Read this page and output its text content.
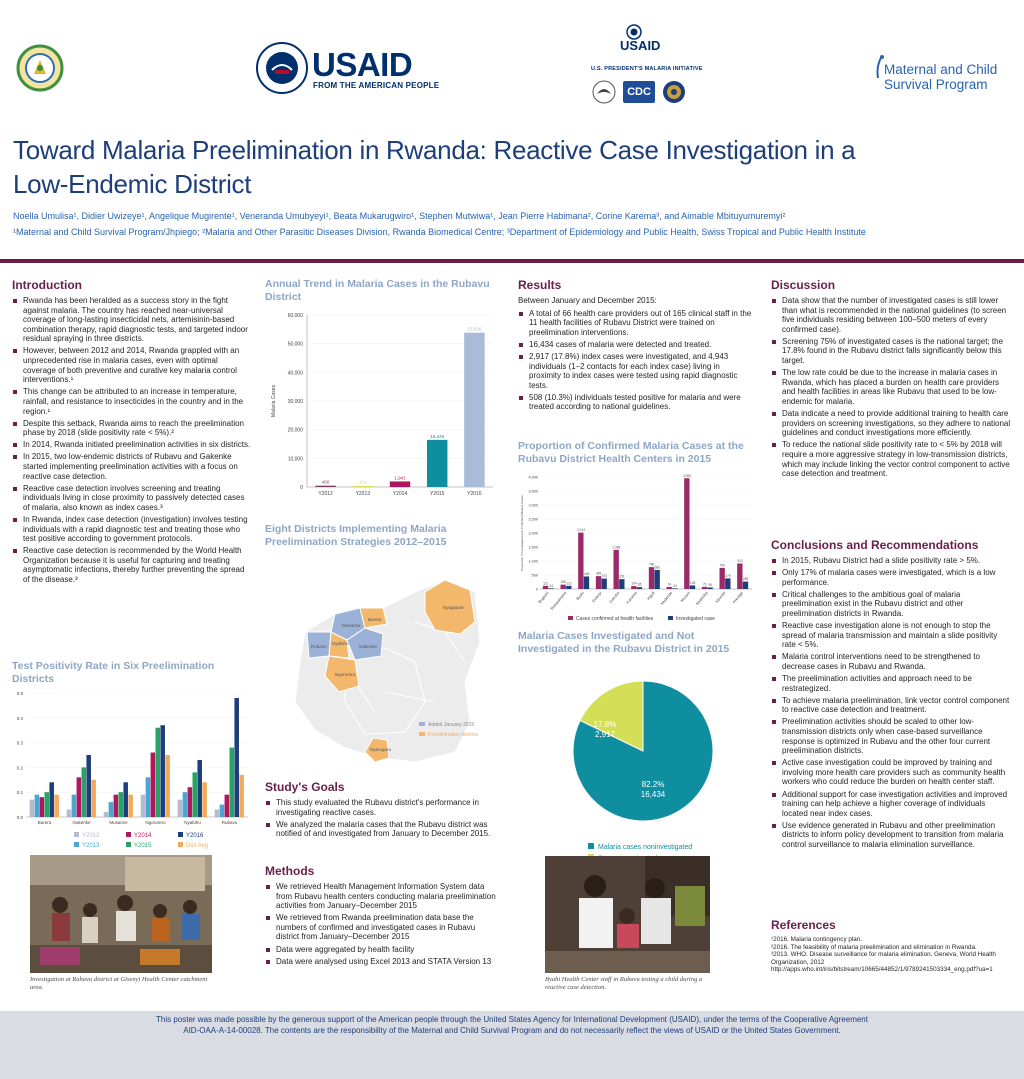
USAID
FROM THE AMERICAN PEOPLE
USAID
U.S. PRESIDENT'S MALARIA INITIATIVE
CDC
Maternal and Child
Survival Program
Toward Malaria Preelimination in Rwanda: Reactive Case Investigation in a
Low-Endemic District
Noella Umulisa¹, Didier Uwizeye¹, Angelique Mugirente¹, Veneranda Umubyeyi¹, Beata Mukarugwiro¹, Stephen Mutwiwa¹, Jean Pierre Habimana², Corine Karema³, and Aimable Mbituyumuremyi²
¹Maternal and Child Survival Program/Jhpiego; ²Malaria and Other Parasitic Diseases Division, Rwanda Biomedical Centre; ³Department of Epidemiology and Public Health, Swiss Tropical and Public Health Institute
Introduction
Rwanda has been heralded as a success story in the fight against malaria. The country has reached near-universal coverage of long-lasting insecticidal nets, artemisinin-based combination therapy, rapid diagnostic tests, and targeted indoor residual spraying in three districts.
However, between 2012 and 2014, Rwanda grappled with an unprecedented rise in malaria cases, even with optimal coverage of both preventive and curative key malaria control interventions.¹
This change can be attributed to an increase in temperature, rainfall, and resistance to insecticides in the country and in the region.¹
Despite this setback, Rwanda aims to reach the preelimination phase by 2018 (slide positivity rate < 5%).²
In 2014, Rwanda initiated preelimination activities in six districts.
In 2015, two low-endemic districts of Rubavu and Gakenke started implementing preelimination activities with a focus on reactive case detection.
Reactive case detection involves screening and treating individuals living in close proximity to passively detected cases of malaria, also known as index cases.³
In Rwanda, index case detection (investigation) involves testing individuals with a rapid diagnostic test and treating those who test positive according to government protocols.
Reactive case detection is recommended by the World Health Organization because it is useful for capturing and treating asymptomatic infections, thereby further preventing the spread of the disease.³
Test Positivity Rate in Six Preelimination Districts
0.0
0.1
0.2
0.3
0.4
0.5
Burera	Gakenke	Musanze	Ngororero	Nyabihu	Rubavu
Y2012
Y2013
Y2014
Y2015
Y2016
Dist Avg
Investigation at Rubavu district at Gisenyi Health Center catchment area.
Annual Trend in Malaria Cases in the Rubavu District
0
10,000
20,000
30,000
40,000
50,000
60,000
Malaria Cases
460
Y2012
374
Y2013
1,941
Y2014
16,449
Y2015
53,836
Y2016
Eight Districts Implementing Malaria Preelimination Strategies 2012–2015
Nyagatare
Musanze
Burera
Rubavu
Nyabihu
Gakenke
Ngororero
Nyaruguru
Added January 2015
Preelimination districts
Study's Goals
This study evaluated the Rubavu district's performance in investigating reactive cases.
We analyzed the malaria cases that the Rubavu district was notified of and investigated from January to December 2015.
Methods
We retrieved Health Management Information System data from Rubavu health centers conducting malaria preelimination activities from January–December 2015
We retrieved from Rwanda preelimination data base the numbers of confirmed and investigated cases in Rubavu district from January–December 2015
Data were aggregated by health facility
Data were analysed using Excel 2013 and STATA Version 13
Results

Between January and December 2015:

A total of 66 health care providers out of 165 clinical staff in the 11 health facilities of Rubavu District were trained on preelimination interventions.
16,434 cases of malaria were detected and treated.
2,917 (17.8%) index cases were investigated, and 4,943 individuals (1–2 contacts for each index case) living in proximity to index cases were tested using rapid diagnostic tests.
508 (10.3%) individuals tested positive for malaria and were treated according to national guidelines.
Proportion of Confirmed Malaria Cases at the Rubavu District Health Centers in 2015
0
500
1,000
1,500
2,000
2,500
3,000
3,500
4,000
Proportion of Investigated over Confirmed Malaria Cases
112
24
Bugeshi
155 112
Busasamana
2,014
448
Byahi
459
373
Gisenyi
1,398
351
Gacuba
104 65
Kanama
780
680
Kigufi
74 24
Mudende
3,955
128
Murara
76 55
Nyakiriba
754
379
Nyundo
912
265
Average
Cases confirmed at health facilities	Investigated case
Malaria Cases Investigated and Not Investigated in the Rubavu District in 2015
82.2%
16,434
17.8%
2,917
Malaria cases noninvestigated
Byahi Health Center staff in Rubavu testing a child during a reactive case detection.
Discussion
Data show that the number of investigated cases is still lower than what is recommended in the national guidelines (to screen five individuals residing between 100–500 meters of every confirmed case).
Screening 75% of investigated cases is the national target; the 17.8% found in the Rubavu district falls significantly below this target.
The low rate could be due to the increase in malaria cases in Rwanda, which has placed a burden on health care providers and health facilities in areas like Rubavu that used to be low-endemic for malaria.
Data indicate a need to provide additional training to health care providers on screening investigations, so they adhere to national guidelines and conduct investigations more efficiently.
To reduce the national slide positivity rate to < 5% by 2018 will require a more aggressive strategy in low-transmission districts, which may include linking the vector control component to active case detection and treatment.
Conclusions and Recommendations
In 2015, Rubavu District had a slide positivity rate > 5%.
Only 17% of malaria cases were investigated, which is a low performance.
Critical challenges to the ambitious goal of malaria preelimination exist in the Rubavu district and other preelimination districts in Rwanda.
Reactive case investigation alone is not enough to stop the spread of malaria transmission and maintain a slide positivity rate < 5%.
Malaria control interventions need to be strengthened to decrease cases in Rubavu and Rwanda.
The preelimination activities and approach need to be restrategized.
To achieve malaria preelimination, link vector control component to reactive case detection and treatment.
Preelimination activities should be scaled to other low-transmission districts only when case-based surveillance response is optimized in Rubavu and the other four current preelimination districts.
Active case investigation could be improved by training and involving more health care providers such as community health workers who could reduce the burden on health center staff.
Additional support for case investigation activities and improved training can help achieve a higher coverage of individuals located near index cases.
Use evidence generated in Rubavu and other preelimination districts to inform policy development to transition from malaria control surveillance to malaria elimination surveillance.
References

¹2016. Malaria contingency plan.

²2016. The feasibility of malaria preelimination and elimination in Rwanda.

³2013. WHO. Disease surveillance for malaria elimination. Geneva, World Health Organization, 2012

http://apps.who.int/iris/bitstream/10665/44852/1/9789241503334_eng.pdf?ua=1

This poster was made possible by the generous support of the American people through the United States Agency for International Development (USAID), under the terms of the Cooperative Agreement AID-OAA-A-14-00028. The contents are the responsibility of the Maternal and Child Survival Program and do not necessarily reflect the views of USAID or the United States Government.
